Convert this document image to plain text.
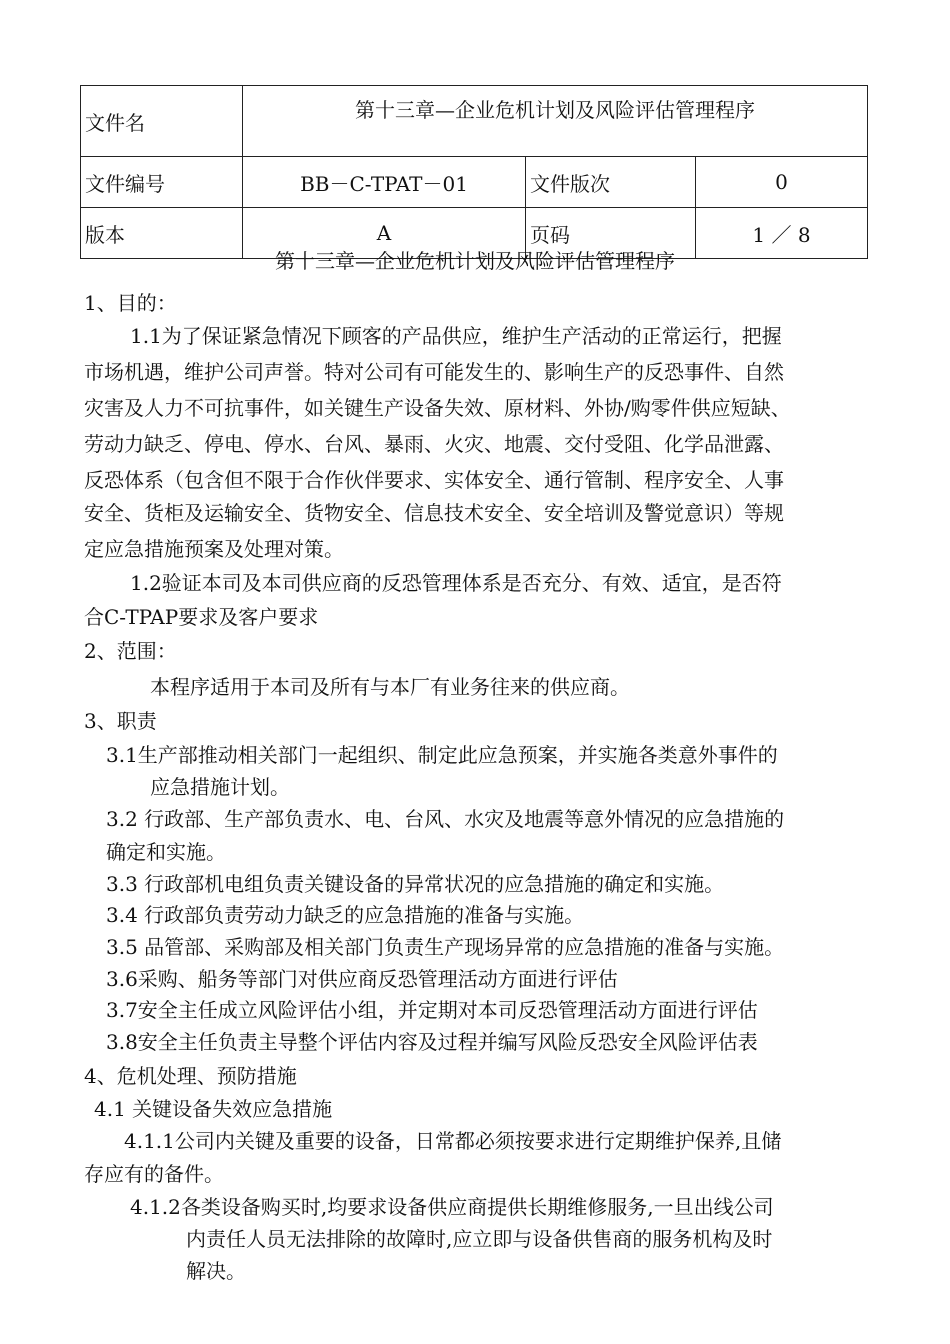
文件名	第十三章—企业危机计划及风险评估管理程序		
文件编号	BB－C-TPAT－01	文件版次	0
版本	A	页码	1 ／ 8
第十三章—企业危机计划及风险评估管理程序
1、目的：
1.1为了保证紧急情况下顾客的产品供应，维护生产活动的正常运行，把握
市场机遇，维护公司声誉。特对公司有可能发生的、影响生产的反恐事件、自然
灾害及人力不可抗事件，如关键生产设备失效、原材料、外协/购零件供应短缺、
劳动力缺乏、停电、停水、台风、暴雨、火灾、地震、交付受阻、化学品泄露、
反恐体系（包含但不限于合作伙伴要求、实体安全、通行管制、程序安全、人事
安全、货柜及运输安全、货物安全、信息技术安全、安全培训及警觉意识）等规
定应急措施预案及处理对策。
1.2验证本司及本司供应商的反恐管理体系是否充分、有效、适宜，是否符
合C-TPAP要求及客户要求
2、范围：
本程序适用于本司及所有与本厂有业务往来的供应商。
3、职责
3.1生产部推动相关部门一起组织、制定此应急预案，并实施各类意外事件的
应急措施计划。
3.2 行政部、生产部负责水、电、台风、水灾及地震等意外情况的应急措施的
确定和实施。
3.3 行政部机电组负责关键设备的异常状况的应急措施的确定和实施。
3.4 行政部负责劳动力缺乏的应急措施的准备与实施。
3.5 品管部、采购部及相关部门负责生产现场异常的应急措施的准备与实施。
3.6采购、船务等部门对供应商反恐管理活动方面进行评估
3.7安全主任成立风险评估小组，并定期对本司反恐管理活动方面进行评估
3.8安全主任负责主导整个评估内容及过程并编写风险反恐安全风险评估表
4、危机处理、预防措施
4.1 关键设备失效应急措施
4.1.1公司内关键及重要的设备，日常都必须按要求进行定期维护保养,且储
存应有的备件。
4.1.2各类设备购买时,均要求设备供应商提供长期维修服务,一旦出线公司
内责任人员无法排除的故障时,应立即与设备供售商的服务机构及时
解决。
